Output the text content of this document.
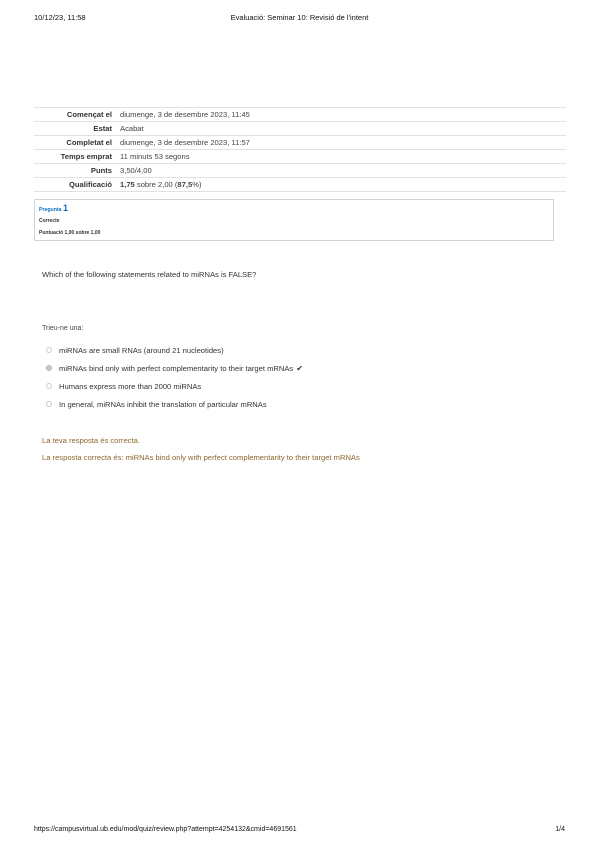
10/12/23, 11:58	Evaluació: Seminar 10: Revisió de l'intent
Començat el	diumenge, 3 de desembre 2023, 11:45
Estat	Acabat
Completat el	diumenge, 3 de desembre 2023, 11:57
Temps emprat	11 minuts 53 segons
Punts	3,50/4,00
Qualificació	1,75 sobre 2,00 (87,5%)
Pregunta 1
Correcte
Puntuació 1,00 sobre 1,00
Which of the following statements related to miRNAs is FALSE?
Trieu-ne una:
miRNAs are small RNAs (around 21 nucleotides)
miRNAs bind only with perfect complementarity to their target mRNAs ✔
Humans express more than 2000 miRNAs
In general, miRNAs inhibit the translation of particular mRNAs
La teva resposta és correcta.
La resposta correcta és: miRNAs bind only with perfect complementarity to their target mRNAs
https://campusvirtual.ub.edu/mod/quiz/review.php?attempt=4254132&cmid=4691561	1/4
